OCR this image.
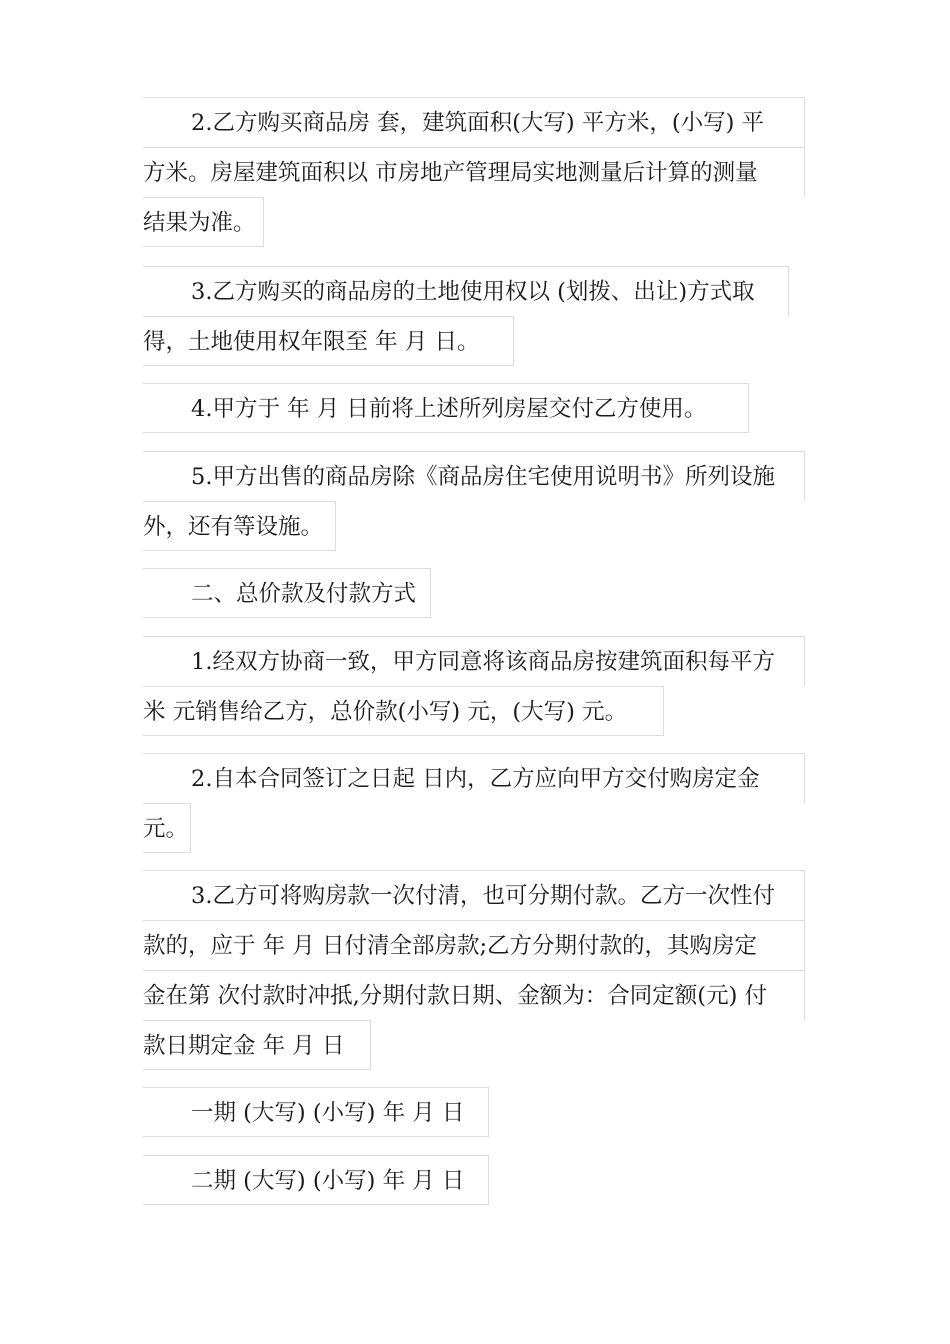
2.乙方购买商品房 套，建筑面积(大写) 平方米，(小写) 平
方米。房屋建筑面积以 市房地产管理局实地测量后计算的测量
结果为准。
3.乙方购买的商品房的土地使用权以 (划拨、出让)方式取
得，土地使用权年限至 年 月 日。
4.甲方于 年 月 日前将上述所列房屋交付乙方使用。
5.甲方出售的商品房除《商品房住宅使用说明书》所列设施
外，还有等设施。
二、总价款及付款方式
1.经双方协商一致，甲方同意将该商品房按建筑面积每平方
米 元销售给乙方，总价款(小写) 元，(大写) 元。
2.自本合同签订之日起 日内，乙方应向甲方交付购房定金
元。
3.乙方可将购房款一次付清，也可分期付款。乙方一次性付
款的，应于 年 月 日付清全部房款;乙方分期付款的，其购房定
金在第 次付款时冲抵,分期付款日期、金额为：合同定额(元) 付
款日期定金 年 月 日
一期 (大写) (小写) 年 月 日
二期 (大写) (小写) 年 月 日
